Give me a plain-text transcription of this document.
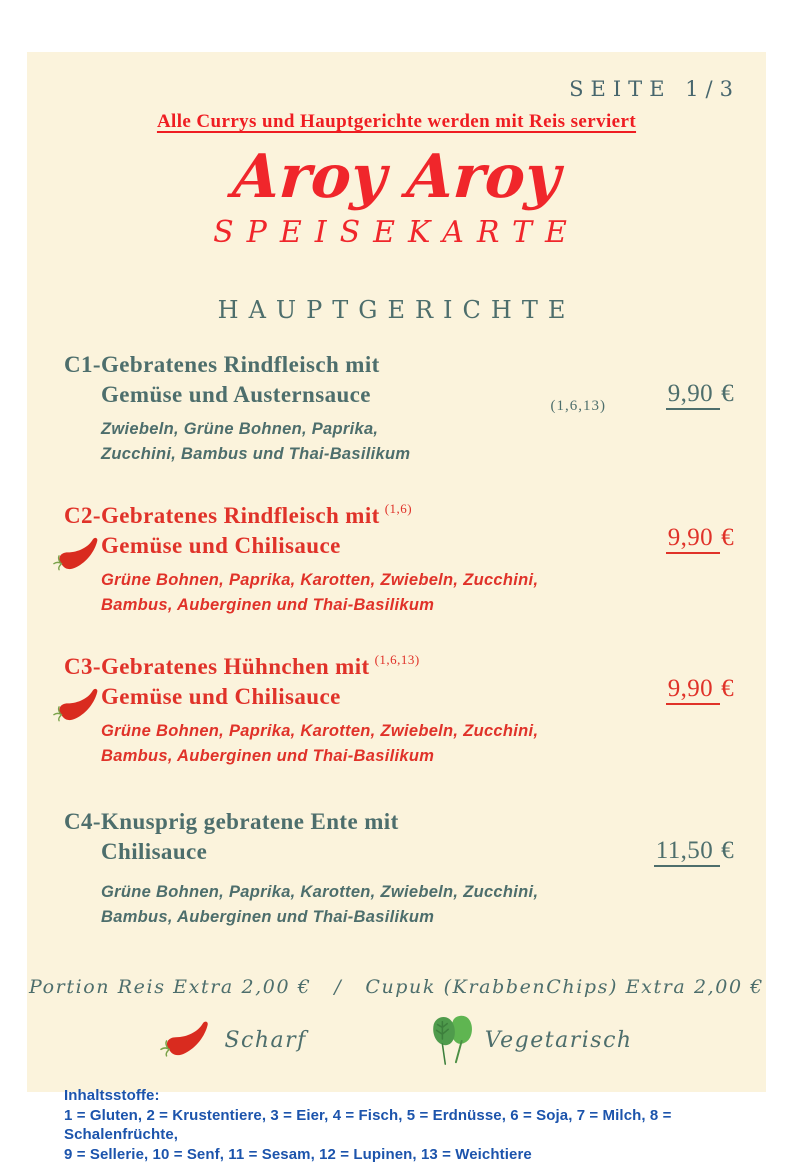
SEITE 1/3
Alle Currys und Hauptgerichte werden mit Reis serviert
Aroy Aroy
SPEISEKARTE
HAUPTGERICHTE
C1-Gebratenes Rindfleisch mit
Gemüse und Austernsauce	(1,6,13) 9,90 €
Zwiebeln, Grüne Bohnen, Paprika,
Zucchini, Bambus und Thai-Basilikum
C2-Gebratenes Rindfleisch mit $^{(1,6)}$
Gemüse und Chilisauce	9,90 €
Grüne Bohnen, Paprika, Karotten, Zwiebeln, Zucchini,
Bambus, Auberginen und Thai-Basilikum
C3-Gebratenes Hühnchen mit $^{(1,6,13)}$
Gemüse und Chilisauce	9,90 €
Grüne Bohnen, Paprika, Karotten, Zwiebeln, Zucchini,
Bambus, Auberginen und Thai-Basilikum
C4-Knusprig gebratene Ente mit
Chilisauce	11,50 €
Grüne Bohnen, Paprika, Karotten, Zwiebeln, Zucchini,
Bambus, Auberginen und Thai-Basilikum
Portion Reis Extra 2,00 €   /   Cupuk (KrabbenChips) Extra 2,00 €
Scharf	Vegetarisch
Inhaltsstoffe:
1 = Gluten, 2 = Krustentiere, 3 = Eier, 4 = Fisch, 5 = Erdnüsse, 6 = Soja, 7 = Milch, 8 = Schalenfrüchte,
9 = Sellerie, 10 = Senf, 11 = Sesam, 12 = Lupinen, 13 = Weichtiere
